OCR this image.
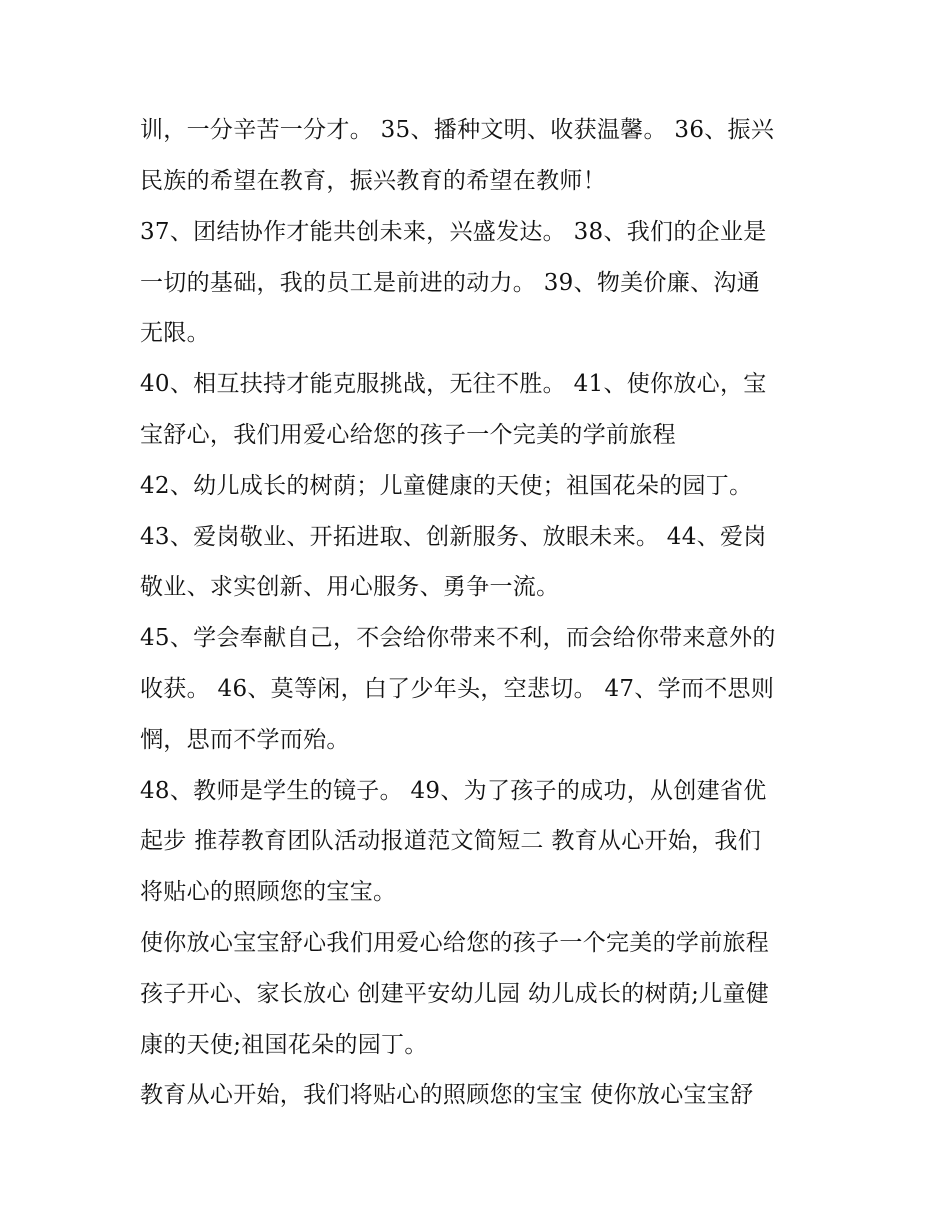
训，一分辛苦一分才。 35、播种文明、收获温馨。 36、振兴
民族的希望在教育，振兴教育的希望在教师！
37、团结协作才能共创未来，兴盛发达。 38、我们的企业是
一切的基础，我的员工是前进的动力。 39、物美价廉、沟通
无限。
40、相互扶持才能克服挑战，无往不胜。 41、使你放心，宝
宝舒心，我们用爱心给您的孩子一个完美的学前旅程
42、幼儿成长的树荫；儿童健康的天使；祖国花朵的园丁。
43、爱岗敬业、开拓进取、创新服务、放眼未来。 44、爱岗
敬业、求实创新、用心服务、勇争一流。
45、学会奉献自己，不会给你带来不利，而会给你带来意外的
收获。 46、莫等闲，白了少年头，空悲切。 47、学而不思则
惘，思而不学而殆。
48、教师是学生的镜子。 49、为了孩子的成功，从创建省优
起步 推荐教育团队活动报道范文简短二 教育从心开始，我们
将贴心的照顾您的宝宝。
使你放心宝宝舒心我们用爱心给您的孩子一个完美的学前旅程
孩子开心、家长放心 创建平安幼儿园 幼儿成长的树荫;儿童健
康的天使;祖国花朵的园丁。
教育从心开始，我们将贴心的照顾您的宝宝 使你放心宝宝舒
